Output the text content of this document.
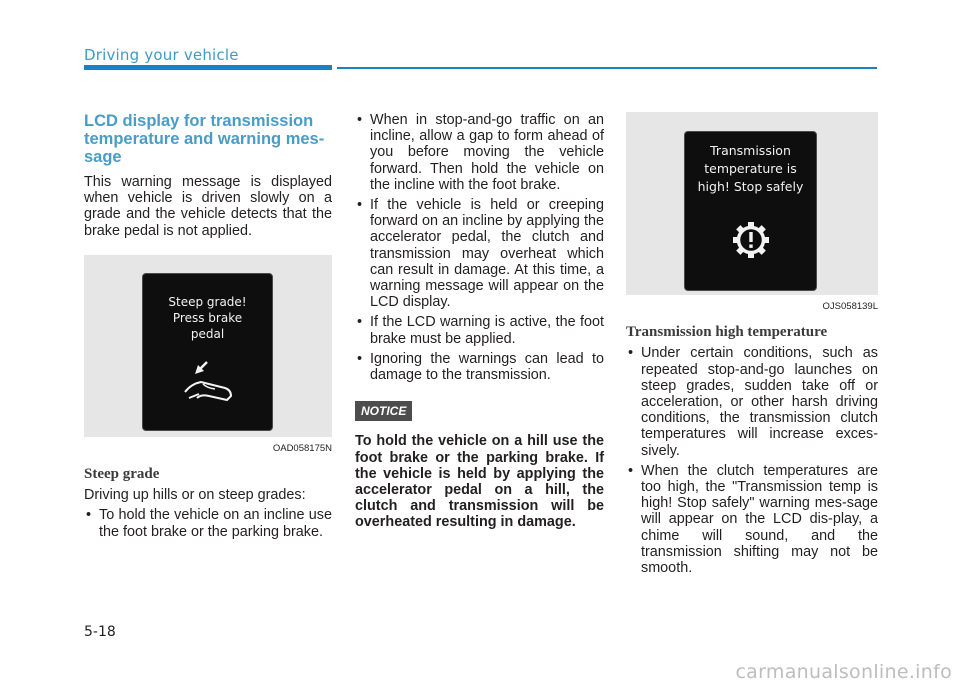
Driving your vehicle
LCD display for transmission temperature and warning mes-sage

This warning message is displayed when vehicle is driven slowly on a grade and the vehicle detects that the brake pedal is not applied.

Steep grade!
Press brake
pedal
OAD058175N
Steep grade

Driving up hills or on steep grades:

• To hold the vehicle on an incline use the foot brake or the parking brake.
• When in stop-and-go traffic on an incline, allow a gap to form ahead of you before moving the vehicle forward. Then hold the vehicle on the incline with the foot brake.
• If the vehicle is held or creeping forward on an incline by applying the accelerator pedal, the clutch and transmission may overheat which can result in damage. At this time, a warning message will appear on the LCD display.
• If the LCD warning is active, the foot brake must be applied.
• Ignoring the warnings can lead to damage to the transmission.
NOTICE

To hold the vehicle on a hill use the foot brake or the parking brake. If the vehicle is held by applying the accelerator pedal on a hill, the clutch and transmission will be overheated resulting in damage.

Transmission
temperature is
high! Stop safely
OJS058139L
Transmission high temperature
• Under certain conditions, such as repeated stop-and-go launches on steep grades, sudden take off or acceleration, or other harsh driving conditions, the transmission clutch temperatures will increase exces-sively.
• When the clutch temperatures are too high, the "Transmission temp is high! Stop safely" warning mes-sage will appear on the LCD dis-play, a chime will sound, and the transmission shifting may not be smooth.
5-18
carmanualsonline.info
